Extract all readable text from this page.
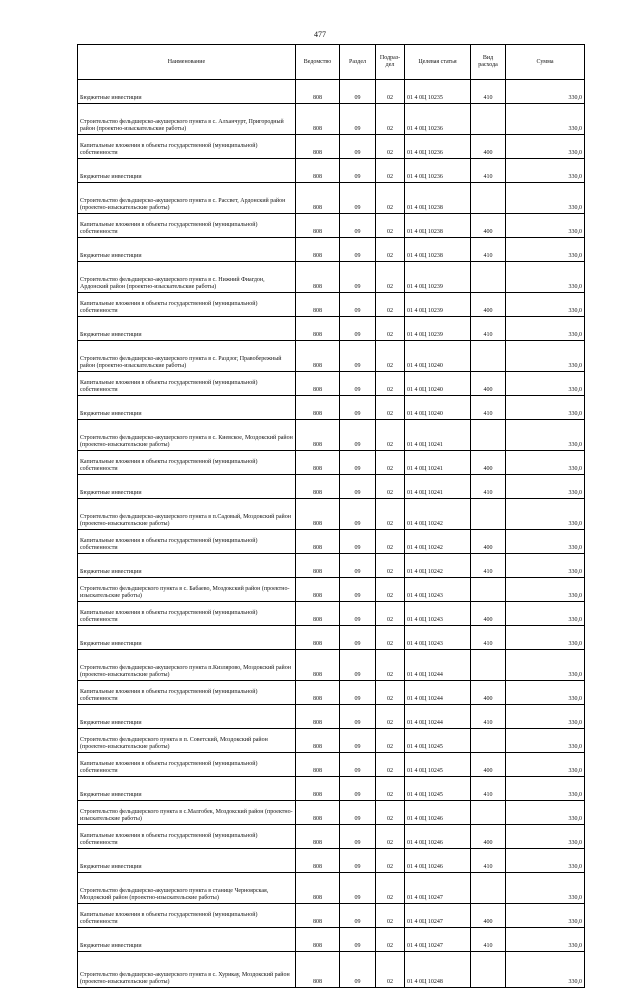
477
Наименование	Ведомство	Раздел	Подраз-дел	Целевая статья	Вид расхода	Сумма
Бюджетные инвестиции	808	09	02	01 4 0Ц 10235	410	330,0
Строительство фельдшерско-акушерского пункта в с. Алханчурт, Пригородный район (проектно-изыскательские работы)	808	09	02	01 4 0Ц 10236		330,0
Капитальные вложения в объекты государственной (муниципальной) собственности	808	09	02	01 4 0Ц 10236	400	330,0
Бюджетные инвестиции	808	09	02	01 4 0Ц 10236	410	330,0
Строительство фельдшерско-акушерского пункта в с. Рассвет, Ардонский район (проектно-изыскательские работы)	808	09	02	01 4 0Ц 10238		330,0
Капитальные вложения в объекты государственной (муниципальной) собственности	808	09	02	01 4 0Ц 10238	400	330,0
Бюджетные инвестиции	808	09	02	01 4 0Ц 10238	410	330,0
Строительство фельдшерско-акушерского пункта в с. Нижний Фиагдон, Ардонский район (проектно-изыскательские работы)	808	09	02	01 4 0Ц 10239		330,0
Капитальные вложения в объекты государственной (муниципальной) собственности	808	09	02	01 4 0Ц 10239	400	330,0
Бюджетные инвестиции	808	09	02	01 4 0Ц 10239	410	330,0
Строительство фельдшерско-акушерского пункта в с. Раздзог, Правобережный район (проектно-изыскательские работы)	808	09	02	01 4 0Ц 10240		330,0
Капитальные вложения в объекты государственной (муниципальной) собственности	808	09	02	01 4 0Ц 10240	400	330,0
Бюджетные инвестиции	808	09	02	01 4 0Ц 10240	410	330,0
Строительство фельдшерско-акушерского пункта в с. Киевское, Моздокский район (проектно-изыскательские работы)	808	09	02	01 4 0Ц 10241		330,0
Капитальные вложения в объекты государственной (муниципальной) собственности	808	09	02	01 4 0Ц 10241	400	330,0
Бюджетные инвестиции	808	09	02	01 4 0Ц 10241	410	330,0
Строительство фельдшерско-акушерского пункта в п.Садовый, Моздокский район (проектно-изыскательские работы)	808	09	02	01 4 0Ц 10242		330,0
Капитальные вложения в объекты государственной (муниципальной) собственности	808	09	02	01 4 0Ц 10242	400	330,0
Бюджетные инвестиции	808	09	02	01 4 0Ц 10242	410	330,0
Строительство фельдшерского пункта в с. Бабаево, Моздокский район (проектно-изыскательские работы)	808	09	02	01 4 0Ц 10243		330,0
Капитальные вложения в объекты государственной (муниципальной) собственности	808	09	02	01 4 0Ц 10243	400	330,0
Бюджетные инвестиции	808	09	02	01 4 0Ц 10243	410	330,0
Строительство фельдшерско-акушерского пункта п.Кизлярово, Моздокский район (проектно-изыскательские работы)	808	09	02	01 4 0Ц 10244		330,0
Капитальные вложения в объекты государственной (муниципальной) собственности	808	09	02	01 4 0Ц 10244	400	330,0
Бюджетные инвестиции	808	09	02	01 4 0Ц 10244	410	330,0
Строительство фельдшерского пункта в п. Советский, Моздокский район (проектно-изыскательские работы)	808	09	02	01 4 0Ц 10245		330,0
Капитальные вложения в объекты государственной (муниципальной) собственности	808	09	02	01 4 0Ц 10245	400	330,0
Бюджетные инвестиции	808	09	02	01 4 0Ц 10245	410	330,0
Строительство фельдшерского пункта в с.Малгобек, Моздокский район (проектно-изыскательские работы)	808	09	02	01 4 0Ц 10246		330,0
Капитальные вложения в объекты государственной (муниципальной) собственности	808	09	02	01 4 0Ц 10246	400	330,0
Бюджетные инвестиции	808	09	02	01 4 0Ц 10246	410	330,0
Строительство фельдшерско-акушерского пункта в станице Черноярская, Моздокский район (проектно-изыскательские работы)	808	09	02	01 4 0Ц 10247		330,0
Капитальные вложения в объекты государственной (муниципальной) собственности	808	09	02	01 4 0Ц 10247	400	330,0
Бюджетные инвестиции	808	09	02	01 4 0Ц 10247	410	330,0
Строительство фельдшерско-акушерского пункта в с. Хурикау, Моздокский район (проектно-изыскательские работы)	808	09	02	01 4 0Ц 10248		330,0
